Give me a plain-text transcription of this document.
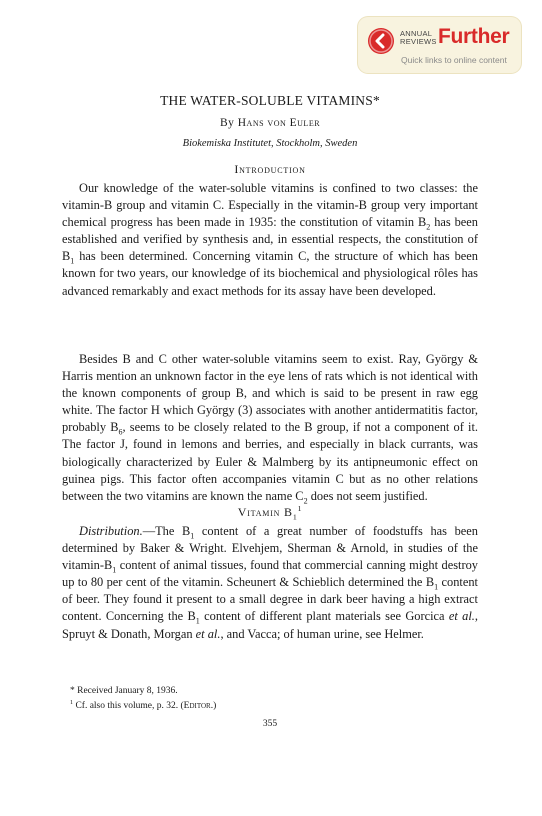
ANNUAL
REVIEWS Further
Quick links to online content
THE WATER-SOLUBLE VITAMINS*
By Hans von Euler
Biokemiska Institutet, Stockholm, Sweden
Introduction

Our knowledge of the water-soluble vitamins is confined to two classes: the vitamin-B group and vitamin C. Especially in the vitamin-B group very important chemical progress has been made in 1935: the constitution of vitamin $B_2$ has been established and verified by synthesis and, in essential respects, the constitution of $B_1$ has been determined. Concerning vitamin C, the structure of which has been known for two years, our knowledge of its biochemical and physiological rôles has advanced remarkably and exact methods for its assay have been developed.

Besides B and C other water-soluble vitamins seem to exist. Ray, György & Harris mention an unknown factor in the eye lens of rats which is not identical with the known components of group B, and which is said to be present in raw egg white. The factor H which György (3) associates with another antidermatitis factor, probably $B_6$, seems to be closely related to the B group, if not a component of it. The factor J, found in lemons and berries, and especially in black currants, was biologically characterized by Euler & Malmberg by its antipneumonic effect on guinea pigs. This factor often accompanies vitamin C but as no other relations between the two vitamins are known the name $C_2$ does not seem justified.

Vitamin $B_1^1$

Distribution.—The $B_1$ content of a great number of foodstuffs has been determined by Baker & Wright. Elvehjem, Sherman & Arnold, in studies of the vitamin-$B_1$ content of animal tissues, found that commercial canning might destroy up to 80 per cent of the vitamin. Scheunert & Schieblich determined the $B_1$ content of beer. They found it present to a small degree in dark beer having a high extract content. Concerning the $B_1$ content of different plant materials see Gorcica et al., Spruyt & Donath, Morgan et al., and Vacca; of human urine, see Helmer.

* Received January 8, 1936.

$^1$ Cf. also this volume, p. 32. (Editor.)

355
